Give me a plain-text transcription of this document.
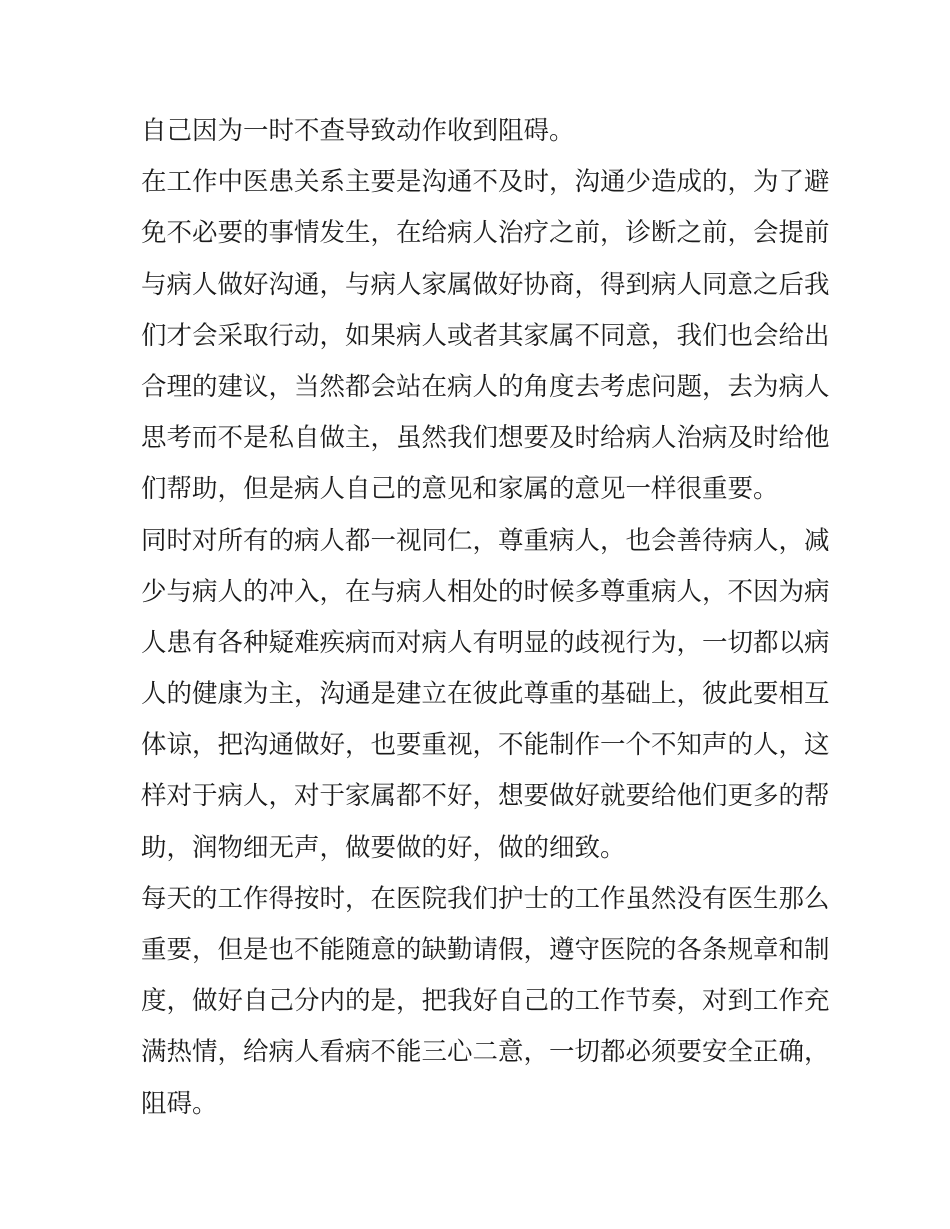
自己因为一时不查导致动作收到阻碍。
在工作中医患关系主要是沟通不及时，沟通少造成的，为了避
免不必要的事情发生，在给病人治疗之前，诊断之前，会提前
与病人做好沟通，与病人家属做好协商，得到病人同意之后我
们才会采取行动，如果病人或者其家属不同意，我们也会给出
合理的建议，当然都会站在病人的角度去考虑问题，去为病人
思考而不是私自做主，虽然我们想要及时给病人治病及时给他
们帮助，但是病人自己的意见和家属的意见一样很重要。
同时对所有的病人都一视同仁，尊重病人，也会善待病人，减
少与病人的冲入，在与病人相处的时候多尊重病人，不因为病
人患有各种疑难疾病而对病人有明显的歧视行为，一切都以病
人的健康为主，沟通是建立在彼此尊重的基础上，彼此要相互
体谅，把沟通做好，也要重视，不能制作一个不知声的人，这
样对于病人，对于家属都不好，想要做好就要给他们更多的帮
助，润物细无声，做要做的好，做的细致。
每天的工作得按时，在医院我们护士的工作虽然没有医生那么
重要，但是也不能随意的缺勤请假，遵守医院的各条规章和制
度，做好自己分内的是，把我好自己的工作节奏，对到工作充
满热情，给病人看病不能三心二意，一切都必须要安全正确，
阻碍。
